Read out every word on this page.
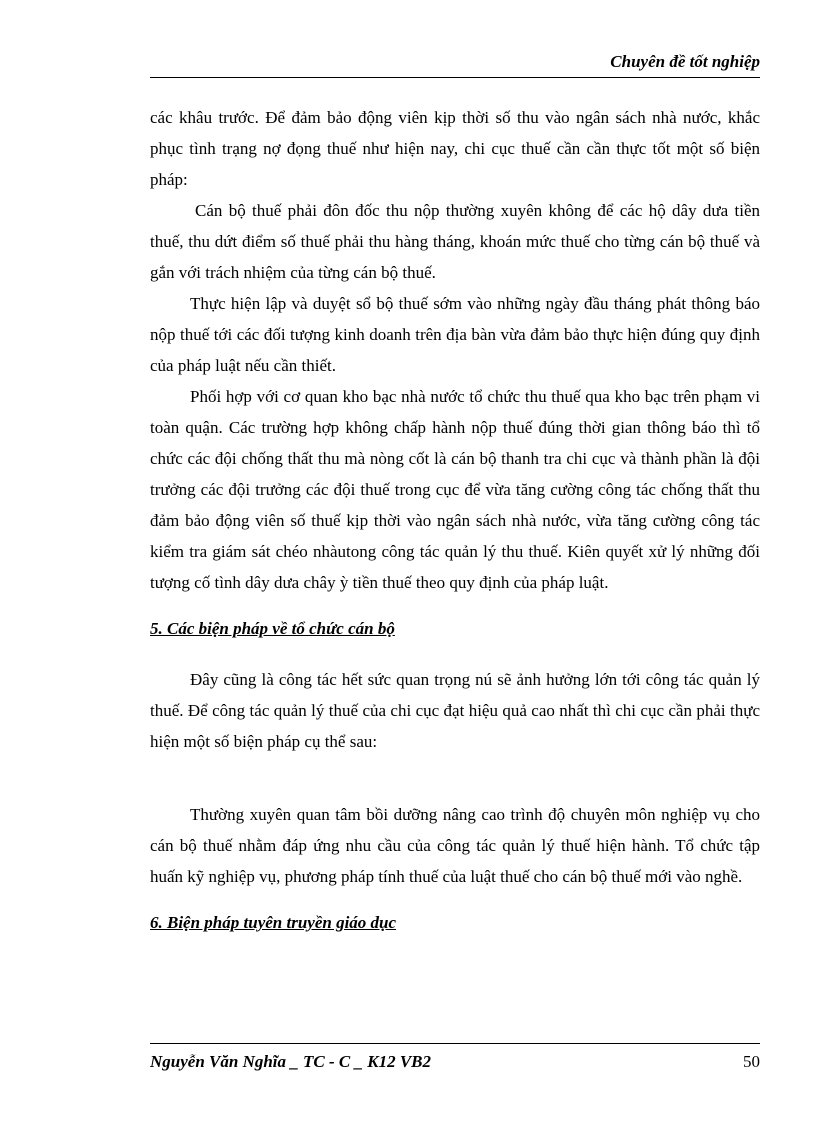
Chuyên đề tốt nghiệp

các khâu trước. Để đảm bảo động viên kịp thời số thu vào ngân sách nhà nước, khắc phục tình trạng nợ đọng thuế như hiện nay, chi cục thuế cần cần thực tốt một số biện pháp:

Cán bộ thuế phải đôn đốc thu nộp thường xuyên không để các hộ dây dưa tiền thuế, thu dứt điểm số thuế phải thu hàng tháng, khoán mức thuế cho từng cán bộ thuế và gắn với trách nhiệm của từng cán bộ thuế.

Thực hiện lập và duyệt sổ bộ thuế sớm vào những ngày đầu tháng phát thông báo nộp thuế tới các đối tượng kinh doanh trên địa bàn vừa đảm bảo thực hiện đúng quy định của pháp luật nếu cần thiết.

Phối hợp với cơ quan kho bạc nhà nước tổ chức thu thuế qua kho bạc trên phạm vi toàn quận. Các trường hợp không chấp hành nộp thuế đúng thời gian thông báo thì tổ chức các đội chống thất thu mà nòng cốt là cán bộ thanh tra chi cục và thành phần là đội trưởng các đội trưởng các đội thuế trong cục để vừa tăng cường công tác chống thất thu đảm bảo động viên số thuế kịp thời vào ngân sách nhà nước, vừa tăng cường công tác kiểm tra giám sát chéo nhàutong công tác quản lý thu thuế. Kiên quyết xử lý những đối tượng cố tình dây dưa chây ỳ tiền thuế theo quy định của pháp luật.

5. Các biện pháp về tổ chức cán bộ

Đây cũng là công tác hết sức quan trọng nú sẽ ảnh hưởng lớn tới công tác quản lý thuế. Để công tác quản lý thuế của chi cục đạt hiệu quả cao nhất thì chi cục cần phải thực hiện một số biện pháp cụ thể sau:

Thường xuyên quan tâm bồi dưỡng nâng cao trình độ chuyên môn nghiệp vụ cho cán bộ thuế nhằm đáp ứng nhu cầu của công tác quản lý thuế hiện hành. Tổ chức tập huấn kỹ nghiệp vụ, phương pháp tính thuế của luật thuế cho cán bộ thuế mới vào nghề.

6. Biện pháp tuyên truyền giáo dục

Nguyễn Văn Nghĩa _ TC - C _ K12 VB2	50
